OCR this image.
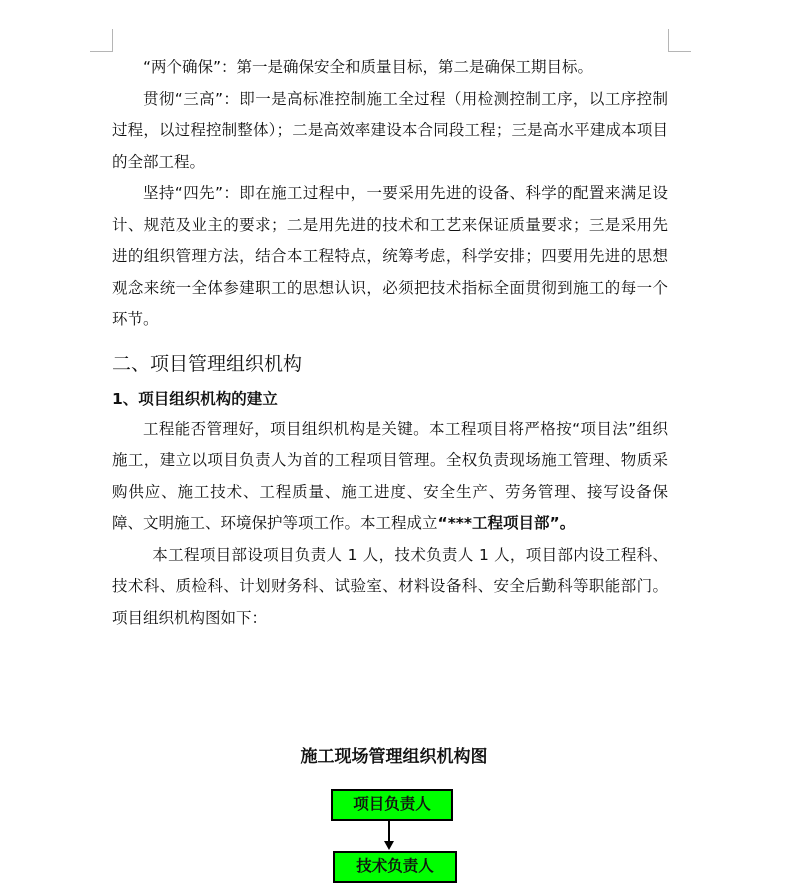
“两个确保”：第一是确保安全和质量目标，第二是确保工期目标。

贯彻“三高”：即一是高标准控制施工全过程（用检测控制工序，以工序控制过程，以过程控制整体）；二是高效率建设本合同段工程；三是高水平建成本项目的全部工程。

坚持“四先”：即在施工过程中，一要采用先进的设备、科学的配置来满足设计、规范及业主的要求；二是用先进的技术和工艺来保证质量要求；三是采用先进的组织管理方法，结合本工程特点，统筹考虑，科学安排；四要用先进的思想观念来统一全体参建职工的思想认识，必须把技术指标全面贯彻到施工的每一个环节。

二、项目管理组织机构
1、项目组织机构的建立

工程能否管理好，项目组织机构是关键。本工程项目将严格按“项目法”组织施工，建立以项目负责人为首的工程项目管理。全权负责现场施工管理、物质采购供应、施工技术、工程质量、施工进度、安全生产、劳务管理、接写设备保障、文明施工、环境保护等项工作。本工程成立“***工程项目部”。

本工程项目部设项目负责人 1 人，技术负责人 1 人，项目部内设工程科、技术科、质检科、计划财务科、试验室、材料设备科、安全后勤科等职能部门。项目组织机构图如下：

施工现场管理组织机构图
项目负责人
技术负责人
